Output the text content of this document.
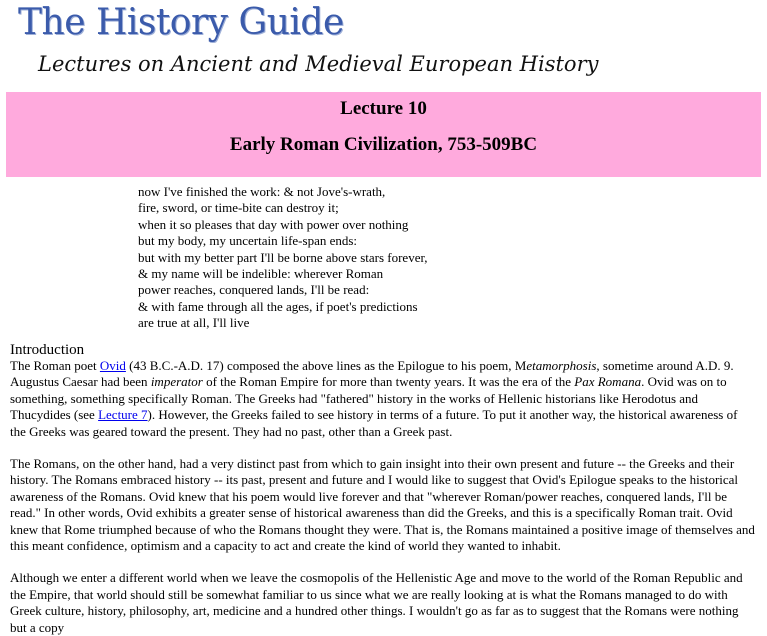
The History Guide
Lectures on Ancient and Medieval European History
Lecture 10
Early Roman Civilization, 753-509BC
now I've finished the work: & not Jove's-wrath,
fire, sword, or time-bite can destroy it;
when it so pleases that day with power over nothing
but my body, my uncertain life-span ends:
but with my better part I'll be borne above stars forever,
& my name will be indelible: wherever Roman
power reaches, conquered lands, I'll be read:
& with fame through all the ages, if poet's predictions
are true at all, I'll live
Introduction

The Roman poet Ovid (43 B.C.-A.D. 17) composed the above lines as the Epilogue to his poem, Metamorphosis, sometime around A.D. 9. Augustus Caesar had been imperator of the Roman Empire for more than twenty years. It was the era of the Pax Romana. Ovid was on to something, something specifically Roman. The Greeks had "fathered" history in the works of Hellenic historians like Herodotus and Thucydides (see Lecture 7). However, the Greeks failed to see history in terms of a future. To put it another way, the historical awareness of the Greeks was geared toward the present. They had no past, other than a Greek past.

The Romans, on the other hand, had a very distinct past from which to gain insight into their own present and future -- the Greeks and their history. The Romans embraced history -- its past, present and future and I would like to suggest that Ovid's Epilogue speaks to the historical awareness of the Romans. Ovid knew that his poem would live forever and that "wherever Roman/power reaches, conquered lands, I'll be read." In other words, Ovid exhibits a greater sense of historical awareness than did the Greeks, and this is a specifically Roman trait. Ovid knew that Rome triumphed because of who the Romans thought they were. That is, the Romans maintained a positive image of themselves and this meant confidence, optimism and a capacity to act and create the kind of world they wanted to inhabit.

Although we enter a different world when we leave the cosmopolis of the Hellenistic Age and move to the world of the Roman Republic and the Empire, that world should still be somewhat familiar to us since what we are really looking at is what the Romans managed to do with Greek culture, history, philosophy, art, medicine and a hundred other things. I wouldn't go as far as to suggest that the Romans were nothing but a copy
